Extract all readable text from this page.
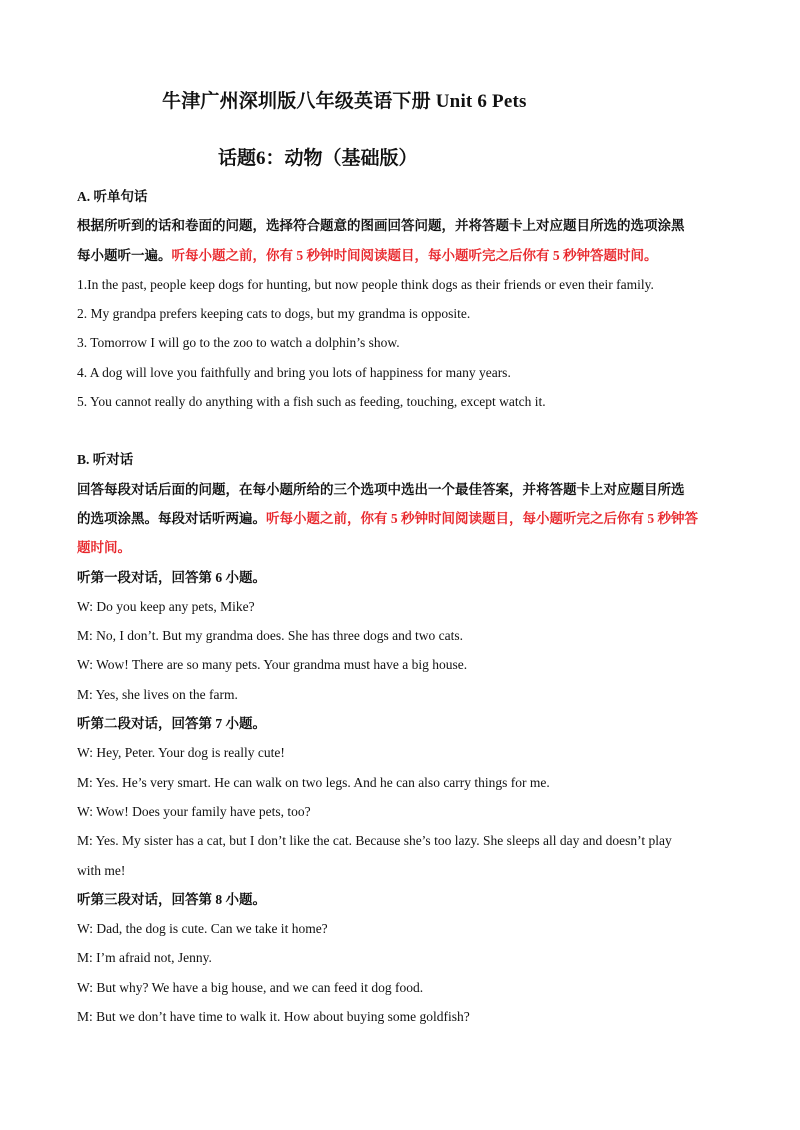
牛津广州深圳版八年级英语下册 Unit 6 Pets
话题6：动物（基础版）
A. 听单句话
根据所听到的话和卷面的问题，选择符合题意的图画回答问题，并将答题卡上对应题目所选的选项涂黑
每小题听一遍。听每小题之前，你有 5 秒钟时间阅读题目，每小题听完之后你有 5 秒钟答题时间。
1.In the past, people keep dogs for hunting, but now people think dogs as their friends or even their family.
2. My grandpa prefers keeping cats to dogs, but my grandma is opposite.
3. Tomorrow I will go to the zoo to watch a dolphin’s show.
4. A dog will love you faithfully and bring you lots of happiness for many years.
5. You cannot really do anything with a fish such as feeding, touching, except watch it.
B. 听对话
回答每段对话后面的问题，在每小题所给的三个选项中选出一个最佳答案，并将答题卡上对应题目所选
的选项涂黑。每段对话听两遍。听每小题之前，你有 5 秒钟时间阅读题目，每小题听完之后你有 5 秒钟答
题时间。
听第一段对话，回答第 6 小题。
W: Do you keep any pets, Mike?
M: No, I don’t. But my grandma does. She has three dogs and two cats.
W: Wow! There are so many pets. Your grandma must have a big house.
M: Yes, she lives on the farm.
听第二段对话，回答第 7 小题。
W: Hey, Peter. Your dog is really cute!
M: Yes. He’s very smart. He can walk on two legs. And he can also carry things for me.
W: Wow! Does your family have pets, too?
M: Yes. My sister has a cat, but I don’t like the cat. Because she’s too lazy. She sleeps all day and doesn’t play
with me!
听第三段对话，回答第 8 小题。
W: Dad, the dog is cute. Can we take it home?
M: I’m afraid not, Jenny.
W: But why? We have a big house, and we can feed it dog food.
M: But we don’t have time to walk it. How about buying some goldfish?
